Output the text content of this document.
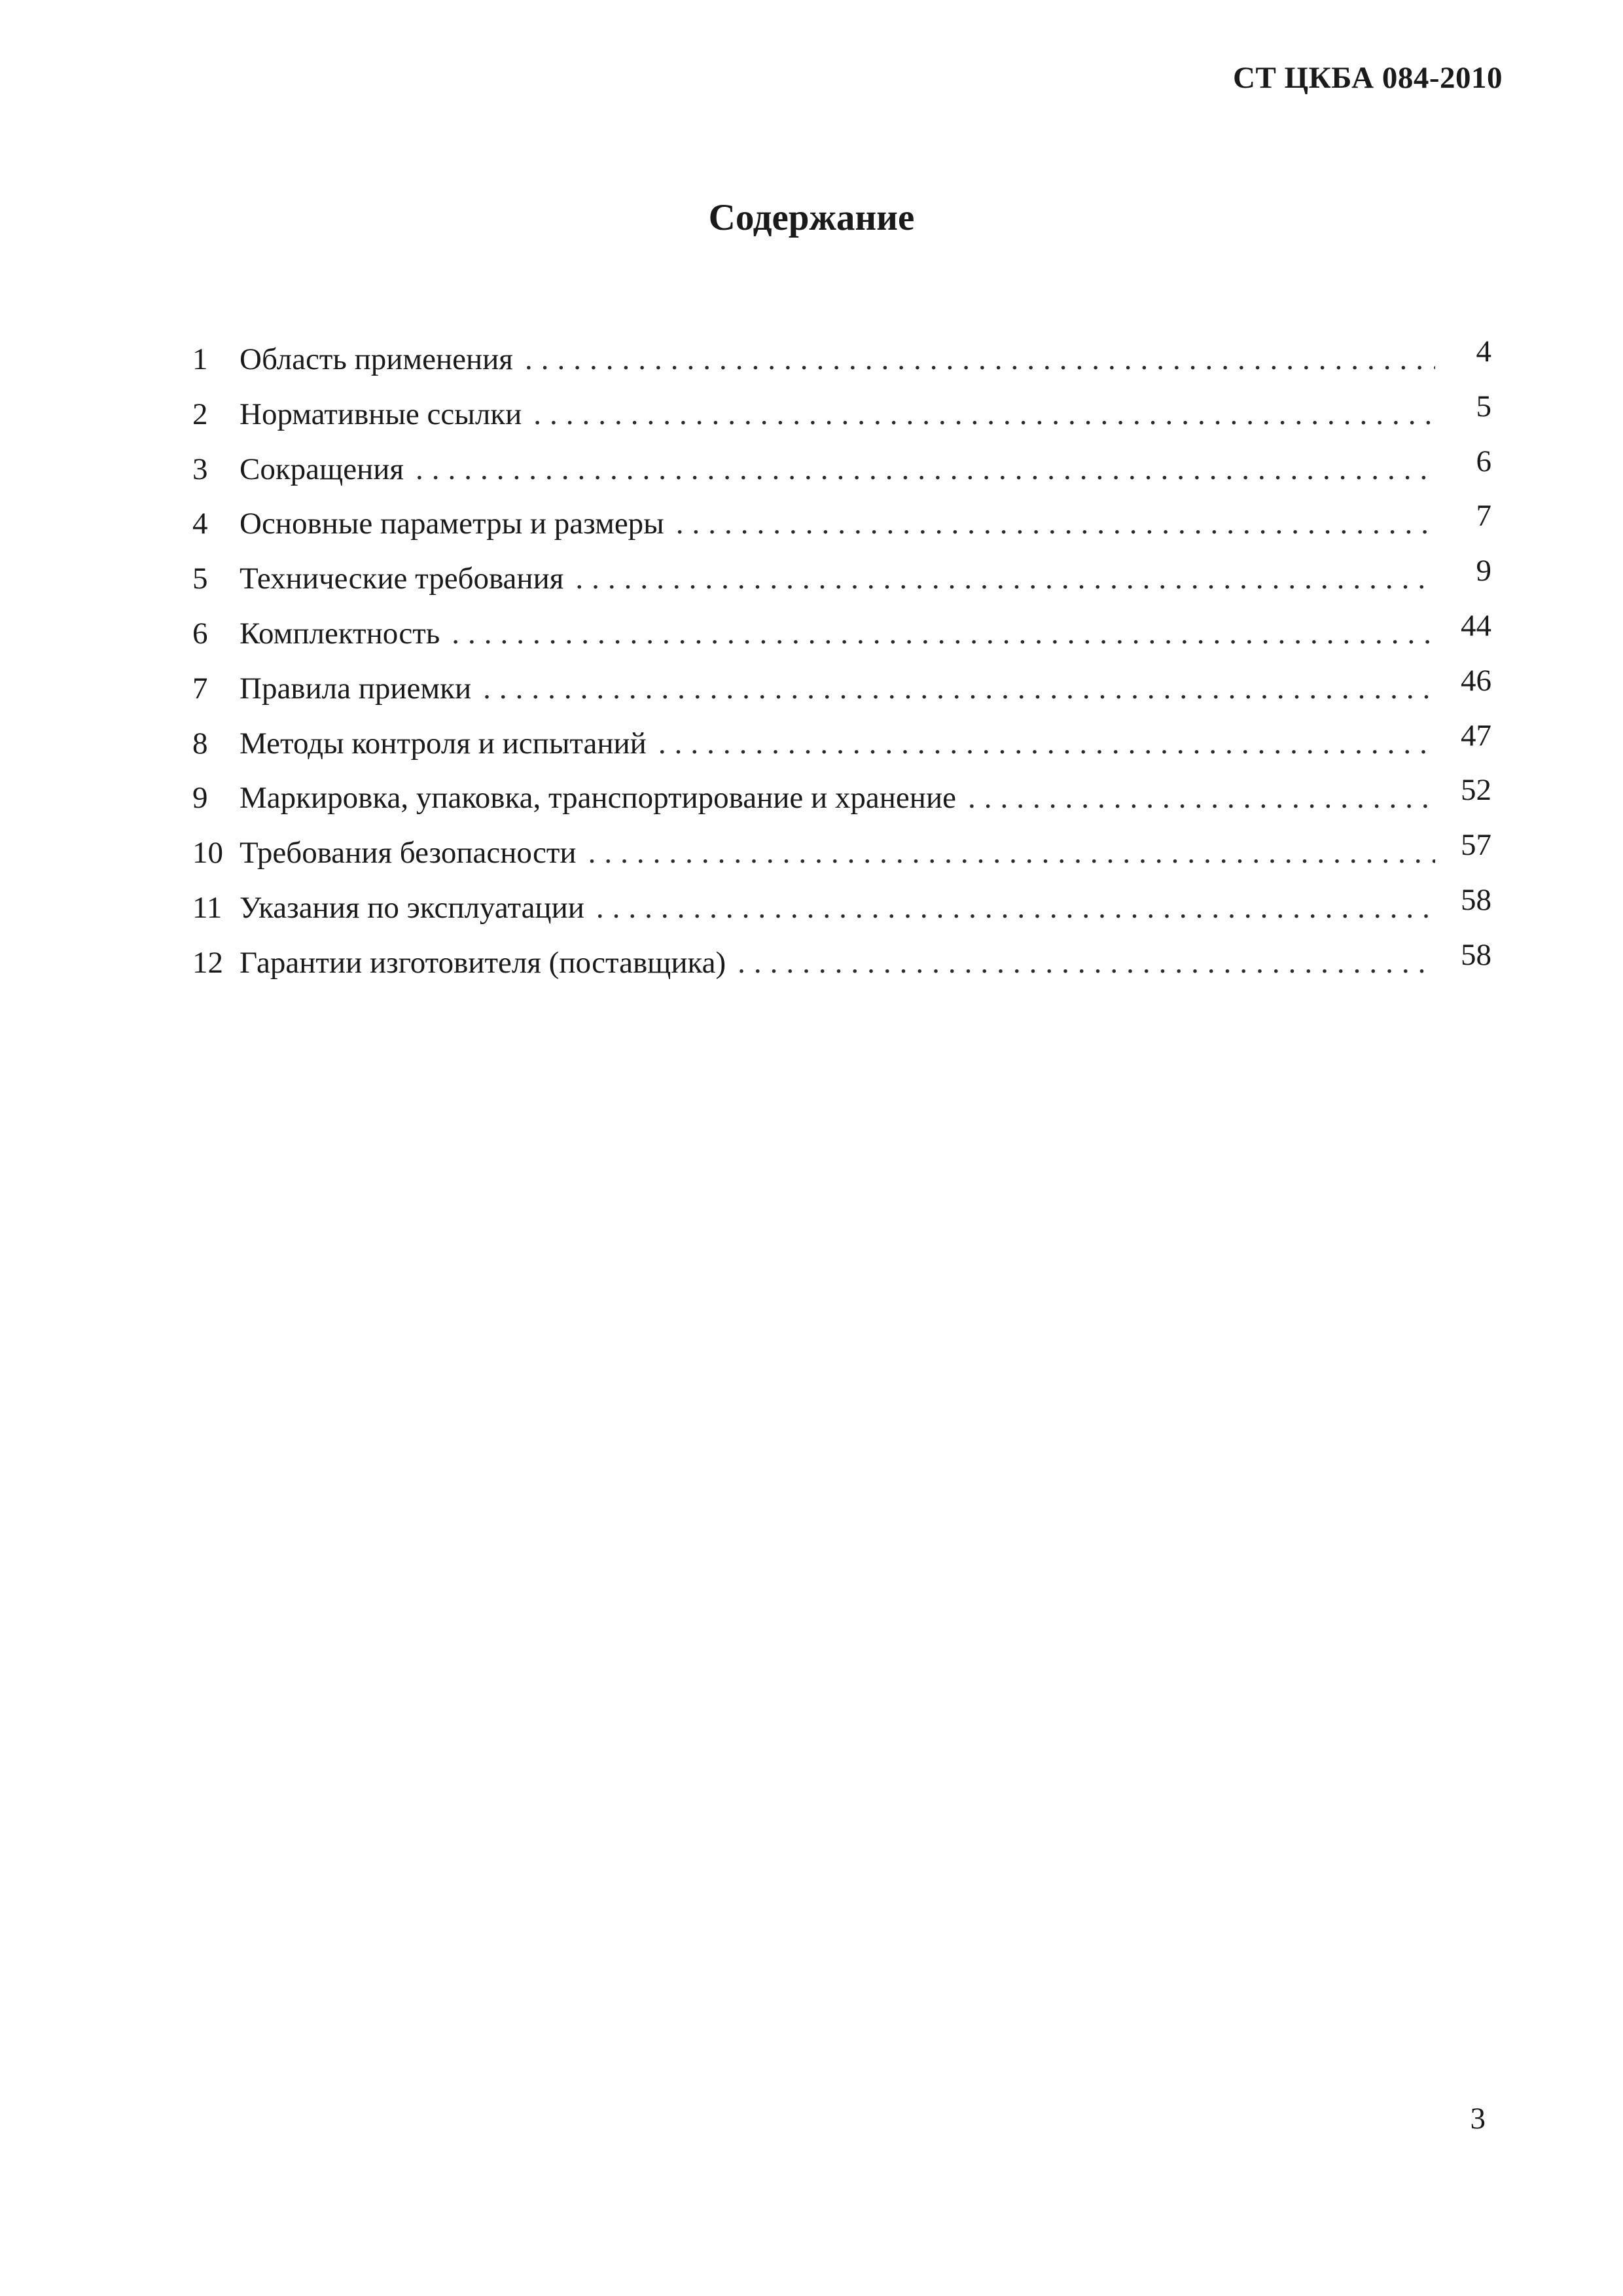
СТ ЦКБА 084-2010
Содержание
1	Область применения .....	4
2	Нормативные ссылки .....	5
3	Сокращения .....	6
4	Основные параметры и размеры .....	7
5	Технические требования .....	9
6	Комплектность .....	44
7	Правила приемки .....	46
8	Методы контроля и испытаний .....	47
9	Маркировка, упаковка, транспортирование и хранение .....	52
10 Требования безопасности .....	57
11 Указания по эксплуатации .....	58
12 Гарантии изготовителя (поставщика) .....	58
3
